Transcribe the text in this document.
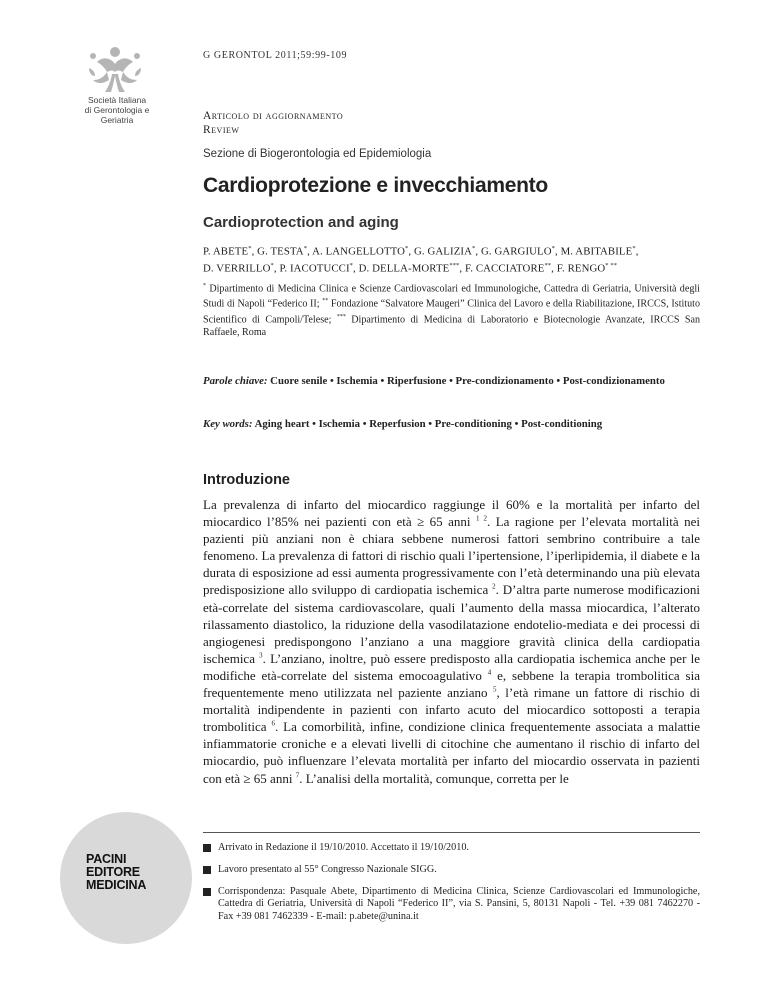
Società Italiana
di Gerontologia e
Geriatria
PACINI
EDITORE
MEDICINA
G GERONTOL 2011;59:99-109
Articolo di aggiornamento
Review
Sezione di Biogerontologia ed Epidemiologia
Cardioprotezione e invecchiamento
Cardioprotection and aging
P. ABETE*, G. TESTA*, A. LANGELLOTTO*, G. GALIZIA*, G. GARGIULO*, M. ABITABILE*,
D. VERRILLO*, P. IACOTUCCI*, D. DELLA-MORTE***, F. CACCIATORE**, F. RENGO* **
* Dipartimento di Medicina Clinica e Scienze Cardiovascolari ed Immunologiche, Cattedra di Geriatria, Università degli Studi di Napoli “Federico II; ** Fondazione “Salvatore Maugeri” Clinica del Lavoro e della Riabilitazione, IRCCS, Istituto Scientifico di Campoli/Telese; *** Dipartimento di Medicina di Laboratorio e Biotecnologie Avanzate, IRCCS San Raffaele, Roma
Parole chiave: Cuore senile • Ischemia • Riperfusione • Pre-condizionamento • Post-condizionamento
Key words: Aging heart • Ischemia • Reperfusion • Pre-conditioning • Post-conditioning
Introduzione

La prevalenza di infarto del miocardico raggiunge il 60% e la mortalità per infarto del miocardico l’85% nei pazienti con età ≥ 65 anni $^{1 2}$. La ragione per l’elevata mortalità nei pazienti più anziani non è chiara sebbene numerosi fattori sembrino contribuire a tale fenomeno. La prevalenza di fattori di rischio quali l’ipertensione, l’iperlipidemia, il diabete e la durata di esposizione ad essi aumenta progressivamente con l’età determinando una più elevata predisposizione allo sviluppo di cardiopatia ischemica $^2$. D’altra parte numerose modificazioni età-correlate del sistema cardiovascolare, quali l’aumento della massa miocardica, l’alterato rilassamento diastolico, la riduzione della vasodilatazione endotelio-mediata e dei processi di angiogenesi predispongono l’anziano a una maggiore gravità clinica della cardiopatia ischemica $^3$. L’anziano, inoltre, può essere predisposto alla cardiopatia ischemica anche per le modifiche età-correlate del sistema emocoagulativo $^4$ e, sebbene la terapia trombolitica sia frequentemente meno utilizzata nel paziente anziano $^5$, l’età rimane un fattore di rischio di mortalità indipendente in pazienti con infarto acuto del miocardico sottoposti a terapia trombolitica $^6$. La comorbilità, infine, condizione clinica frequentemente associata a malattie infiammatorie croniche e a elevati livelli di citochine che aumentano il rischio di infarto del miocardio, può influenzare l’elevata mortalità per infarto del miocardio osservata in pazienti con età ≥ 65 anni $^7$. L’analisi della mortalità, comunque, corretta per le

Arrivato in Redazione il 19/10/2010. Accettato il 19/10/2010.
Lavoro presentato al 55° Congresso Nazionale SIGG.
Corrispondenza: Pasquale Abete, Dipartimento di Medicina Clinica, Scienze Cardiovascolari ed Immunologiche, Cattedra di Geriatria, Università di Napoli “Federico II”, via S. Pansini, 5, 80131 Napoli - Tel. +39 081 7462270 - Fax +39 081 7462339 - E-mail: p.abete@unina.it
